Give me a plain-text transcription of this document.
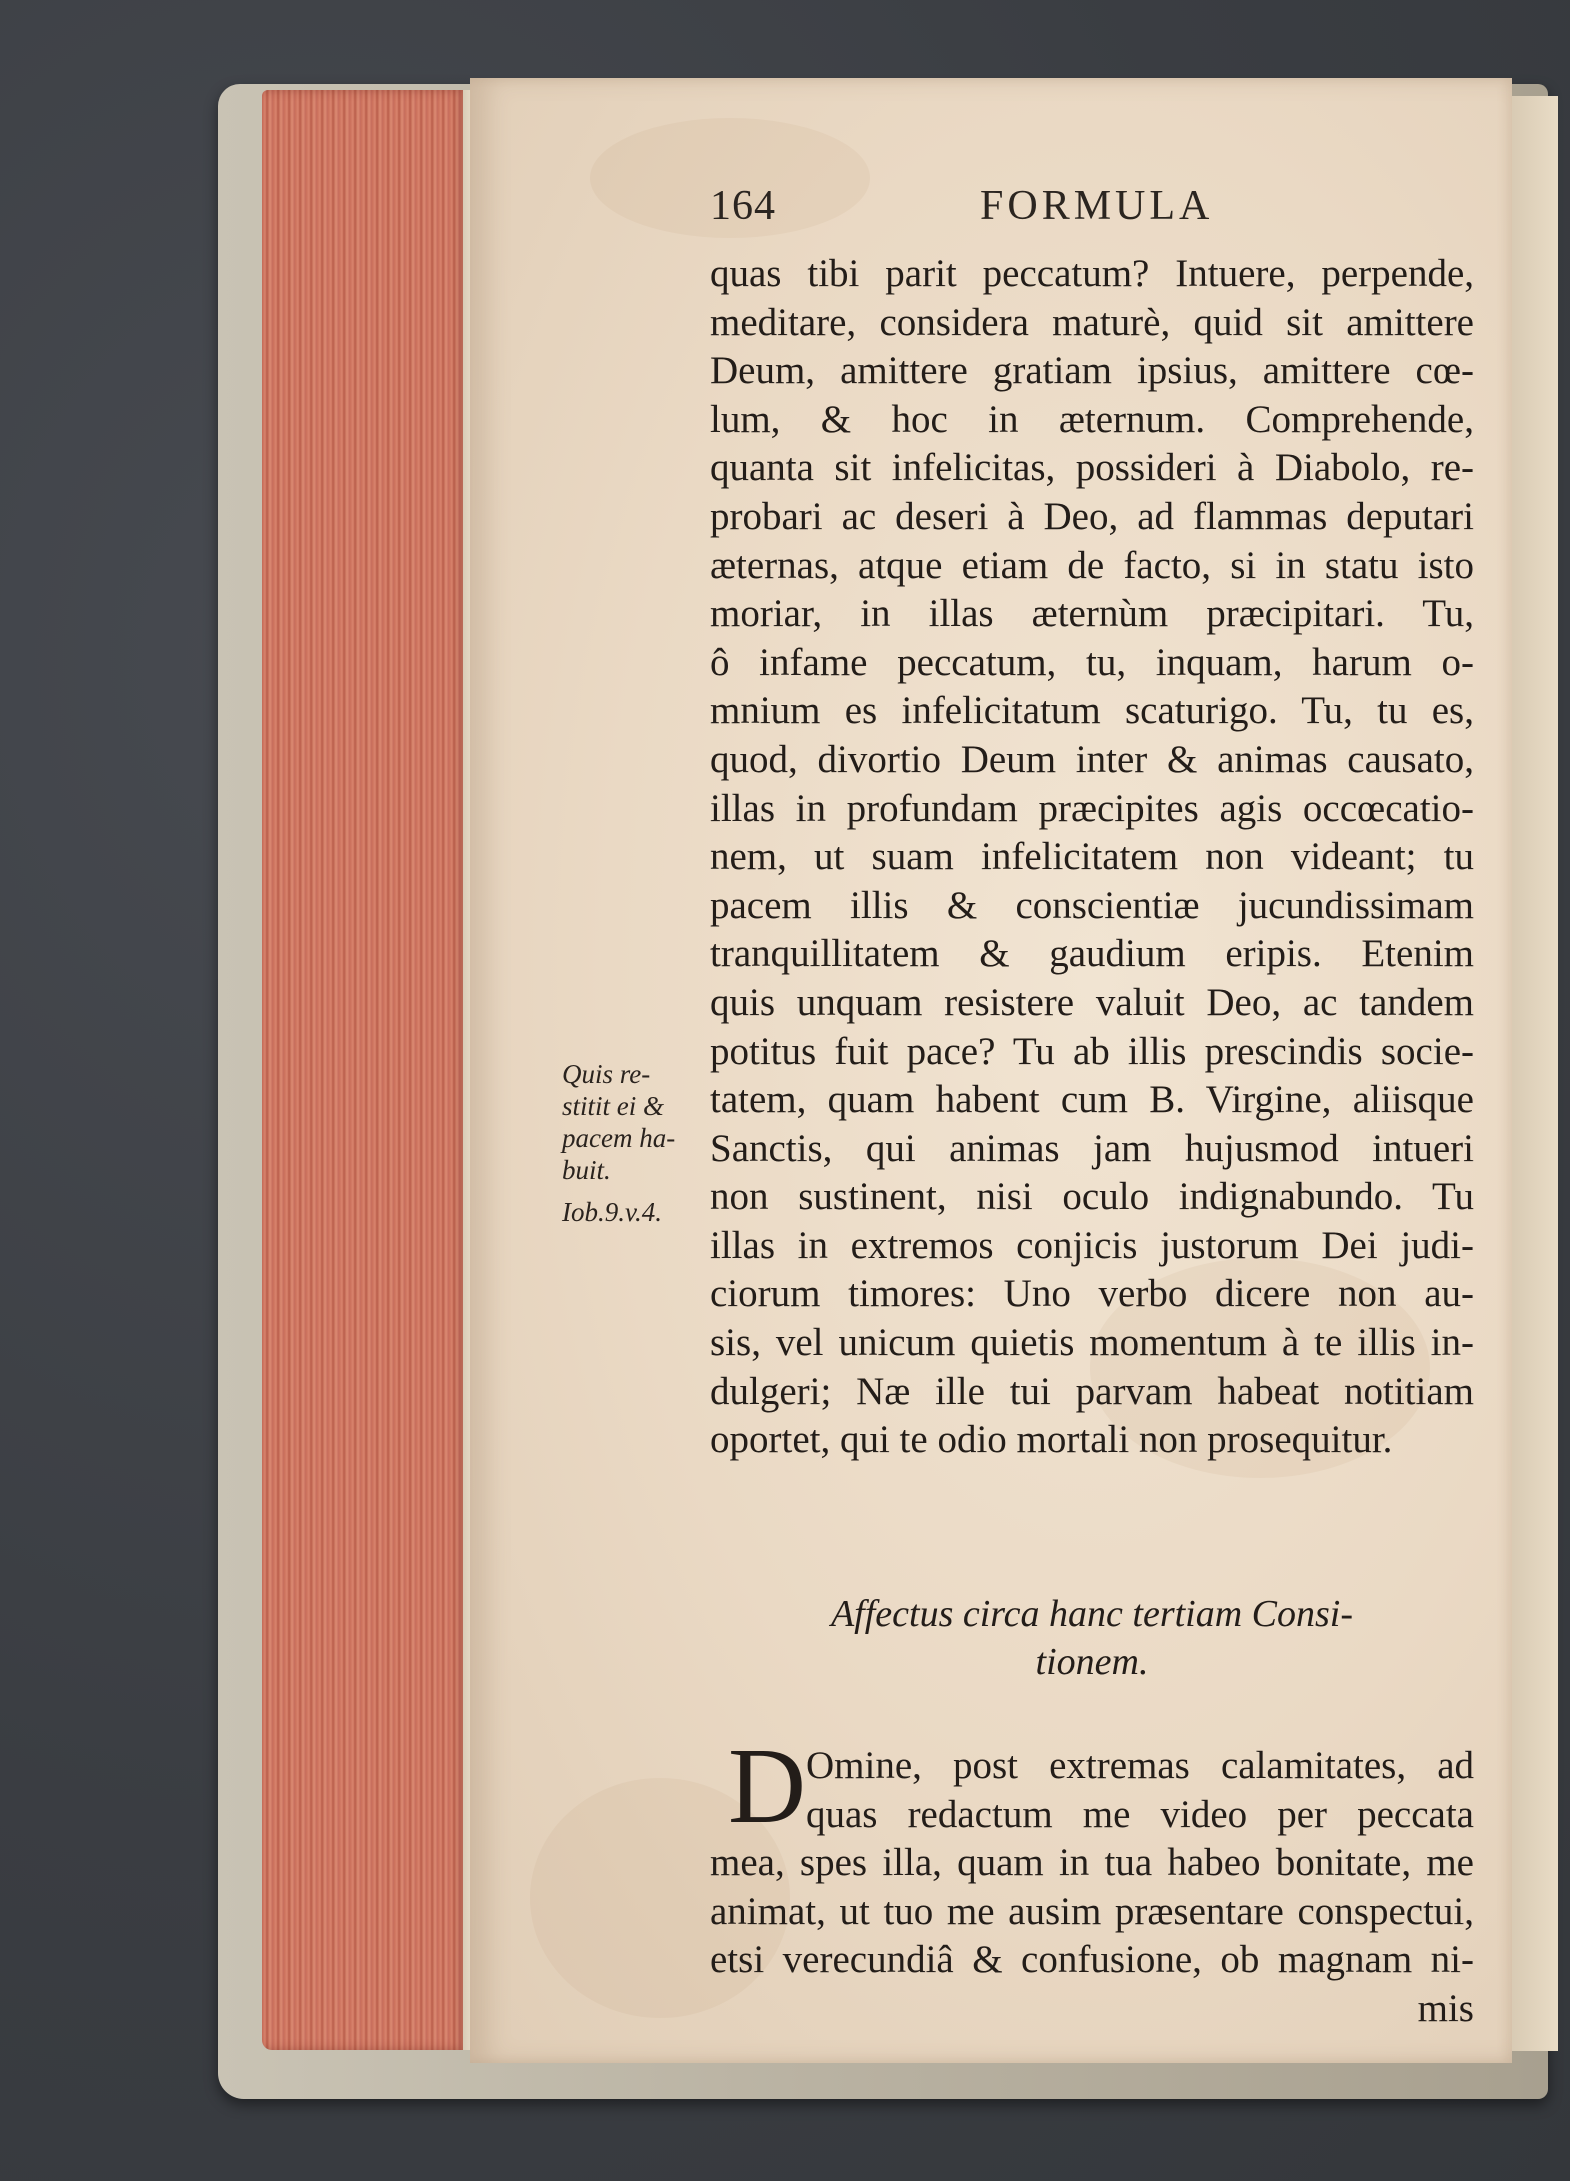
164	FORMULA
quas tibi parit peccatum? Intuere, perpende,
meditare, considera maturè, quid sit amittere
Deum, amittere gratiam ipsius, amittere cœ-
lum, & hoc in æternum. Comprehende,
quanta sit infelicitas, possideri à Diabolo, re-
probari ac deseri à Deo, ad flammas deputari
æternas, atque etiam de facto, si in statu isto
moriar, in illas æternùm præcipitari. Tu,
ô infame peccatum, tu, inquam, harum o-
mnium es infelicitatum scaturigo. Tu, tu es,
quod, divortio Deum inter & animas causato,
illas in profundam præcipites agis occœcatio-
nem, ut suam infelicitatem non videant; tu
pacem illis & conscientiæ jucundissimam
tranquillitatem & gaudium eripis. Etenim
quis unquam resistere valuit Deo, ac tandem
potitus fuit pace? Tu ab illis prescindis socie-
tatem, quam habent cum B. Virgine, aliisque
Sanctis, qui animas jam hujusmod intueri
non sustinent, nisi oculo indignabundo. Tu
illas in extremos conjicis justorum Dei judi-
ciorum timores: Uno verbo dicere non au-
sis, vel unicum quietis momentum à te illis in-
dulgeri; Næ ille tui parvam habeat notitiam
oportet, qui te odio mortali non prosequitur.
Quis re-
stitit ei &
pacem ha-
buit.
Iob.9.v.4.
Affectus circa hanc tertiam Consi-
tionem.
D Omine, post extremas calamitates, ad
quas redactum me video per peccata
mea, spes illa, quam in tua habeo bonitate, me
animat, ut tuo me ausim præsentare conspectui,
etsi verecundiâ & confusione, ob magnam ni-
mis
